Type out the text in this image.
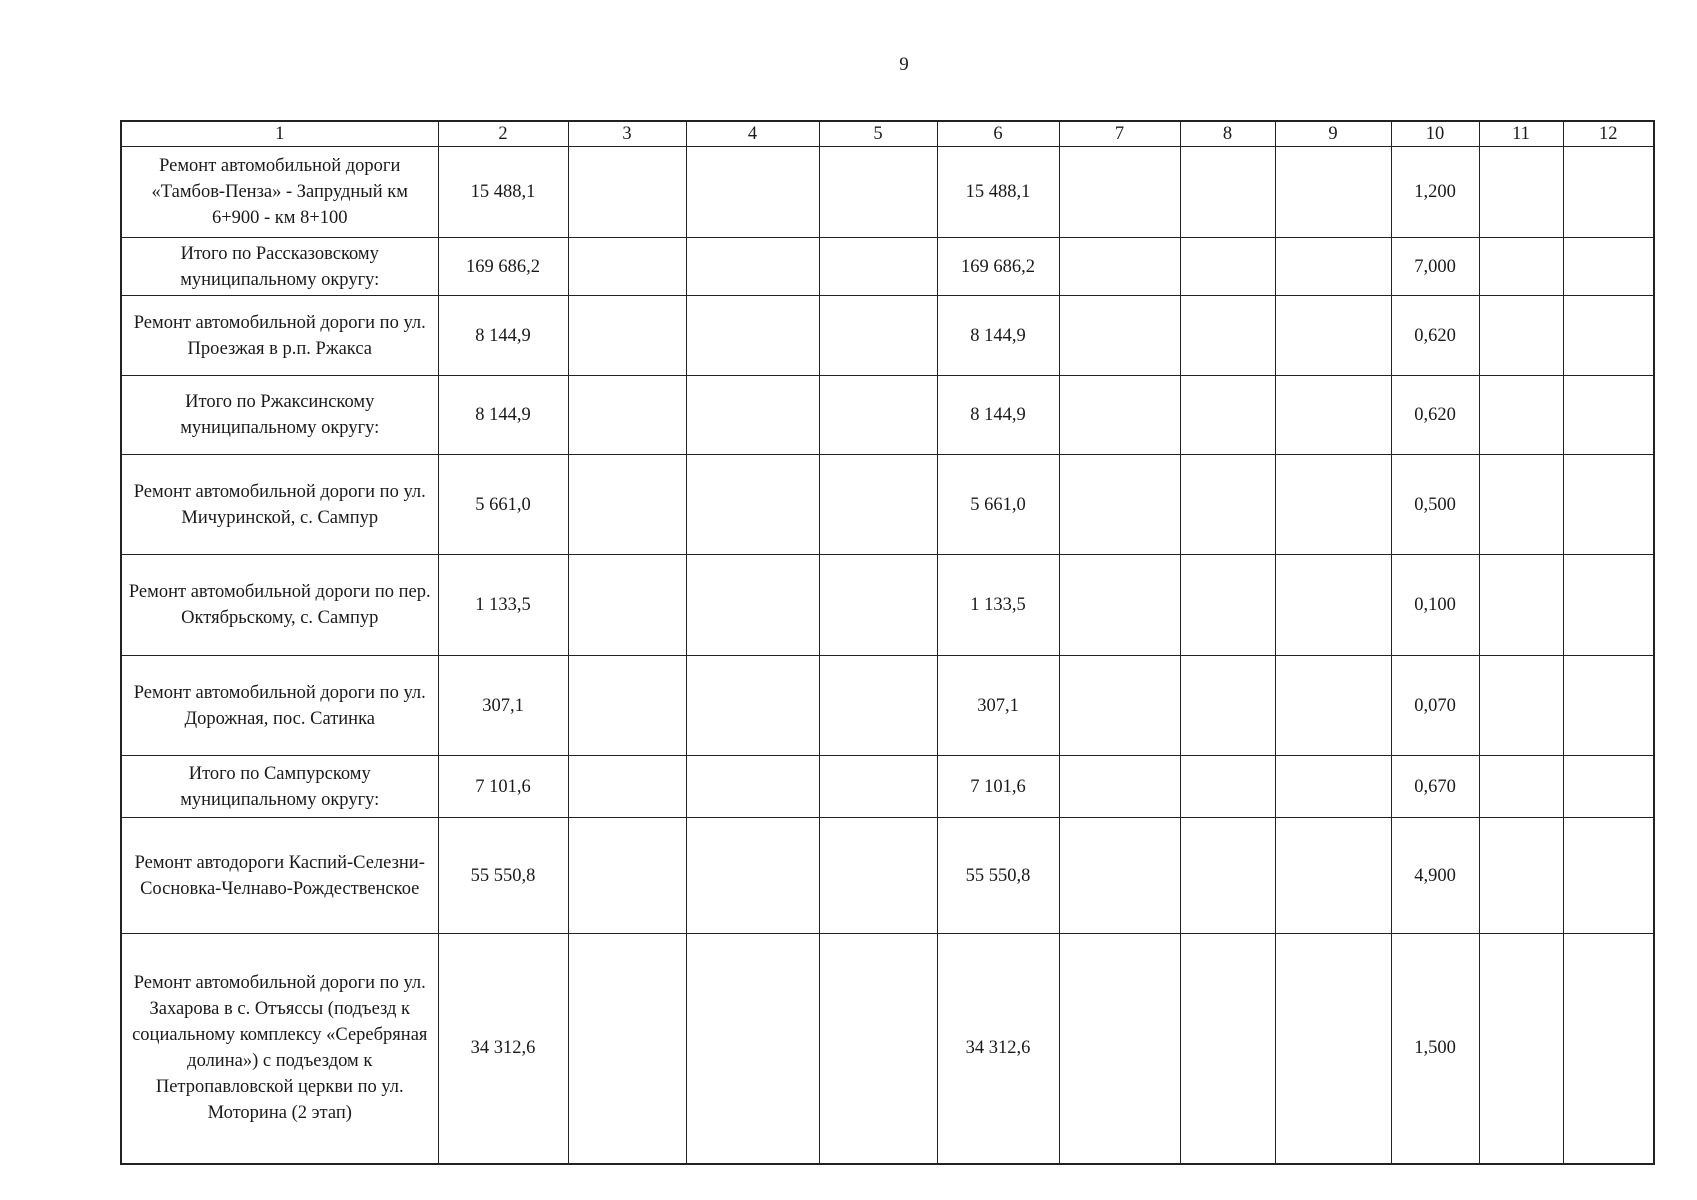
9
1	2	3	4	5	6	7	8	9	10	11	12
Ремонт автомобильной дороги «Тамбов-Пенза» - Запрудный км 6+900 - км 8+100	15 488,1				15 488,1				1,200		
Итого по Рассказовскому муниципальному округу:	169 686,2				169 686,2				7,000		
Ремонт автомобильной дороги по ул. Проезжая в р.п. Ржакса	8 144,9				8 144,9				0,620		
Итого по Ржаксинскому муниципальному округу:	8 144,9				8 144,9				0,620		
Ремонт автомобильной дороги по ул. Мичуринской, с. Сампур	5 661,0				5 661,0				0,500		
Ремонт автомобильной дороги по пер. Октябрьскому, с. Сампур	1 133,5				1 133,5				0,100		
Ремонт автомобильной дороги по ул. Дорожная, пос. Сатинка	307,1				307,1				0,070		
Итого по Сампурскому муниципальному округу:	7 101,6				7 101,6				0,670		
Ремонт автодороги Каспий-Селезни-Сосновка-Челнаво-Рождественское	55 550,8				55 550,8				4,900		
Ремонт автомобильной дороги по ул. Захарова в с. Отъяссы (подъезд к социальному комплексу «Серебряная долина») с подъездом к Петропавловской церкви по ул. Моторина (2 этап)	34 312,6				34 312,6				1,500		
